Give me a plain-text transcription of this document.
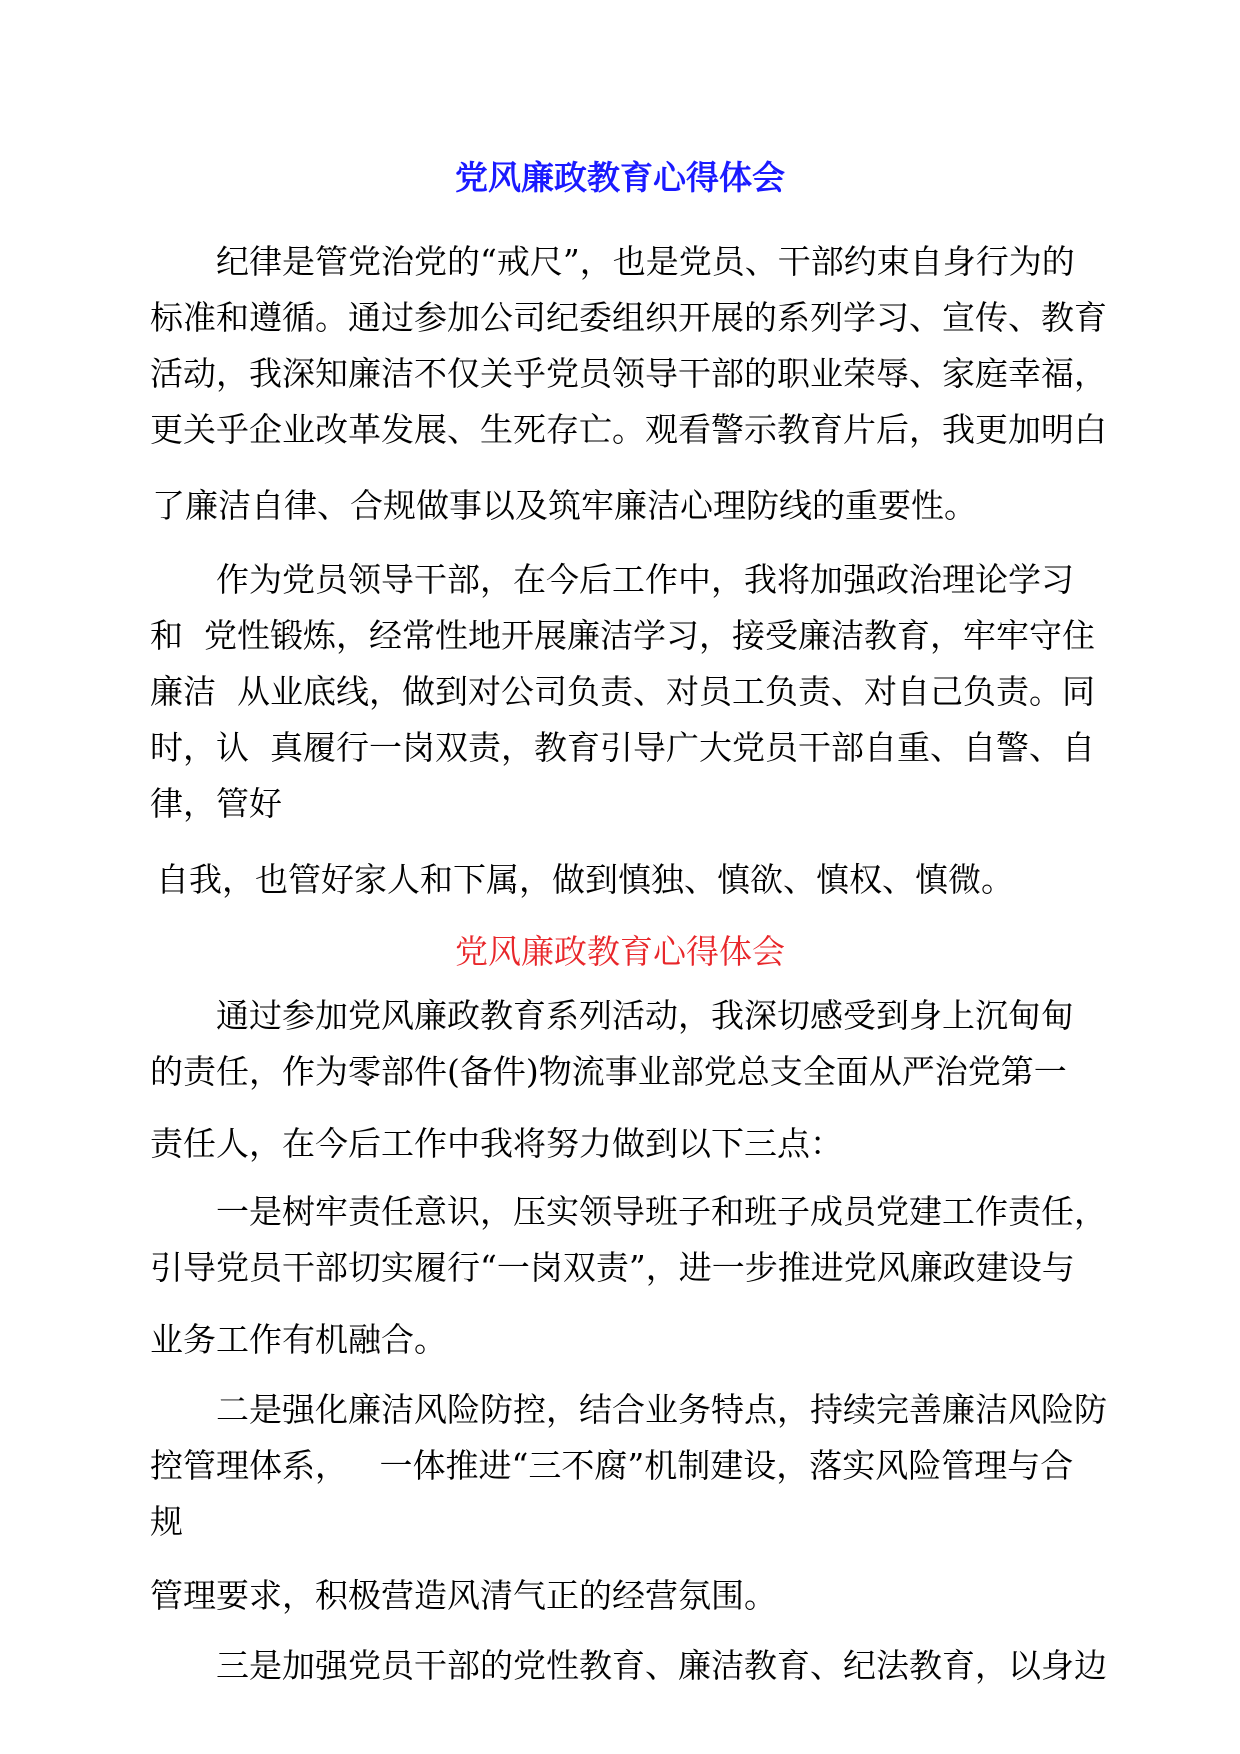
党风廉政教育心得体会
　　纪律是管党治党的“戒尺”，也是党员、干部约束自身行为的
标准和遵循。通过参加公司纪委组织开展的系列学习、宣传、教育
活动，我深知廉洁不仅关乎党员领导干部的职业荣辱、家庭幸福，
更关乎企业改革发展、生死存亡。观看警示教育片后，我更加明白
了廉洁自律、合规做事以及筑牢廉洁心理防线的重要性。
　　作为党员领导干部，在今后工作中，我将加强政治理论学习
和  党性锻炼，经常性地开展廉洁学习，接受廉洁教育，牢牢守住
廉洁  从业底线，做到对公司负责、对员工负责、对自己负责。同
时，认  真履行一岗双责，教育引导广大党员干部自重、自警、自
律，管好
自我，也管好家人和下属，做到慎独、慎欲、慎权、慎微。
党风廉政教育心得体会
　　通过参加党风廉政教育系列活动，我深切感受到身上沉甸甸
的责任，作为零部件(备件)物流事业部党总支全面从严治党第一
责任人，在今后工作中我将努力做到以下三点：
　　一是树牢责任意识，压实领导班子和班子成员党建工作责任，
引导党员干部切实履行“一岗双责”，进一步推进党风廉政建设与
业务工作有机融合。
　　二是强化廉洁风险防控，结合业务特点，持续完善廉洁风险防
控管理体系，   一体推进“三不腐”机制建设，落实风险管理与合
规
管理要求，积极营造风清气正的经营氛围。
　　三是加强党员干部的党性教育、廉洁教育、纪法教育，以身边
